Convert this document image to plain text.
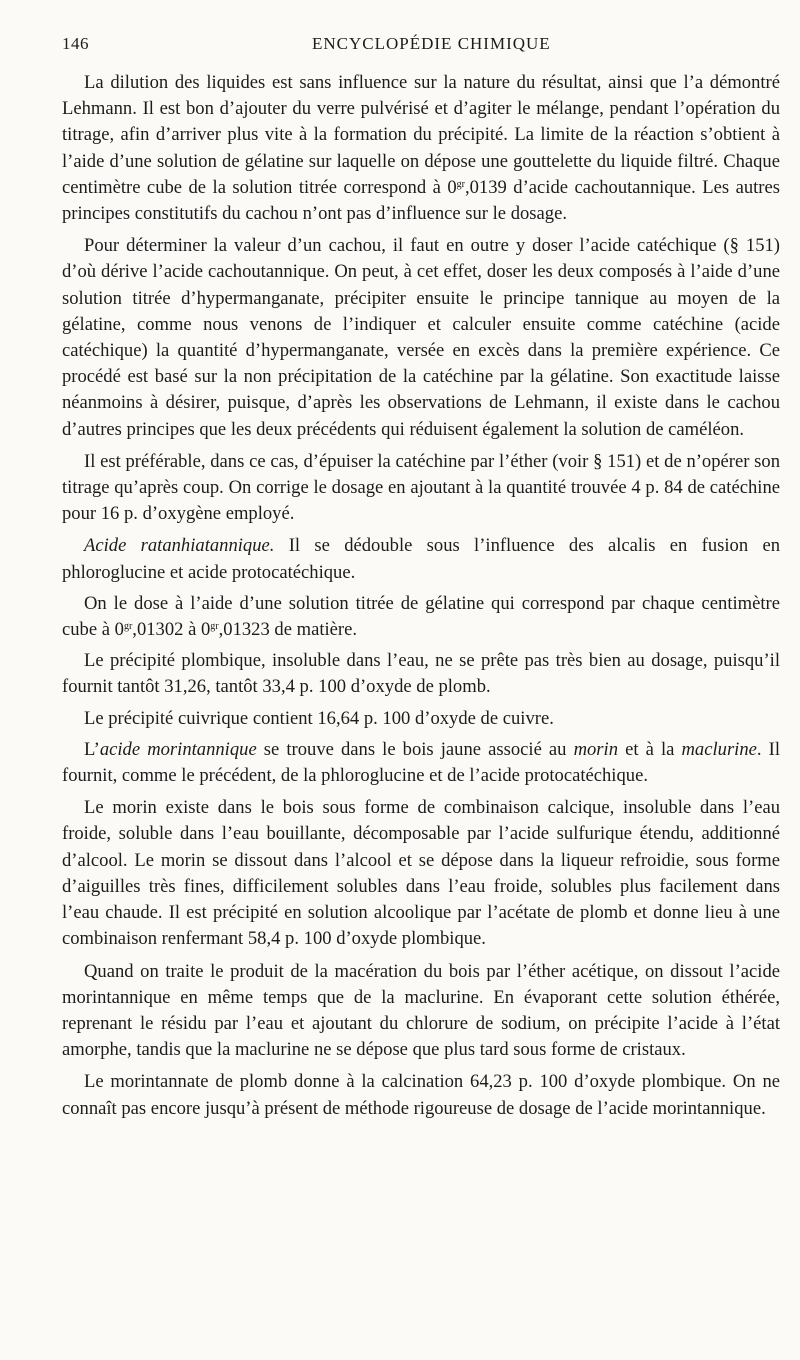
146	ENCYCLOPÉDIE CHIMIQUE

La dilution des liquides est sans influence sur la nature du résultat, ainsi que l’a démontré Lehmann. Il est bon d’ajouter du verre pulvérisé et d’agiter le mélange, pendant l’opération du titrage, afin d’arriver plus vite à la formation du précipité. La limite de la réaction s’obtient à l’aide d’une solution de gélatine sur laquelle on dépose une gouttelette du liquide filtré. Chaque centimètre cube de la solution titrée correspond à $0^{gr},0139$ d’acide cachoutannique. Les autres principes constitutifs du cachou n’ont pas d’influence sur le dosage.

Pour déterminer la valeur d’un cachou, il faut en outre y doser l’acide catéchique (§ 151) d’où dérive l’acide cachoutannique. On peut, à cet effet, doser les deux composés à l’aide d’une solution titrée d’hypermanganate, précipiter ensuite le principe tannique au moyen de la gélatine, comme nous venons de l’indiquer et calculer ensuite comme catéchine (acide catéchique) la quantité d’hypermanganate, versée en excès dans la première expérience. Ce procédé est basé sur la non précipitation de la catéchine par la gélatine. Son exactitude laisse néanmoins à désirer, puisque, d’après les observations de Lehmann, il existe dans le cachou d’autres principes que les deux précédents qui réduisent également la solution de caméléon.

Il est préférable, dans ce cas, d’épuiser la catéchine par l’éther (voir § 151) et de n’opérer son titrage qu’après coup. On corrige le dosage en ajoutant à la quantité trouvée 4 p. 84 de catéchine pour 16 p. d’oxygène employé.

Acide ratanhiatannique. Il se dédouble sous l’influence des alcalis en fusion en phloroglucine et acide protocatéchique.

On le dose à l’aide d’une solution titrée de gélatine qui correspond par chaque centimètre cube à $0^{gr},01302$ à $0^{gr},01323$ de matière.

Le précipité plombique, insoluble dans l’eau, ne se prête pas très bien au dosage, puisqu’il fournit tantôt 31,26, tantôt 33,4 p. 100 d’oxyde de plomb.

Le précipité cuivrique contient 16,64 p. 100 d’oxyde de cuivre.

L’acide morintannique se trouve dans le bois jaune associé au morin et à la maclurine. Il fournit, comme le précédent, de la phloroglucine et de l’acide protocatéchique.

Le morin existe dans le bois sous forme de combinaison calcique, insoluble dans l’eau froide, soluble dans l’eau bouillante, décomposable par l’acide sulfurique étendu, additionné d’alcool. Le morin se dissout dans l’alcool et se dépose dans la liqueur refroidie, sous forme d’aiguilles très fines, difficilement solubles dans l’eau froide, solubles plus facilement dans l’eau chaude. Il est précipité en solution alcoolique par l’acétate de plomb et donne lieu à une combinaison renfermant 58,4 p. 100 d’oxyde plombique.

Quand on traite le produit de la macération du bois par l’éther acétique, on dissout l’acide morintannique en même temps que de la maclurine. En évaporant cette solution éthérée, reprenant le résidu par l’eau et ajoutant du chlorure de sodium, on précipite l’acide à l’état amorphe, tandis que la maclurine ne se dépose que plus tard sous forme de cristaux.

Le morintannate de plomb donne à la calcination 64,23 p. 100 d’oxyde plombique. On ne connaît pas encore jusqu’à présent de méthode rigoureuse de dosage de l’acide morintannique.
